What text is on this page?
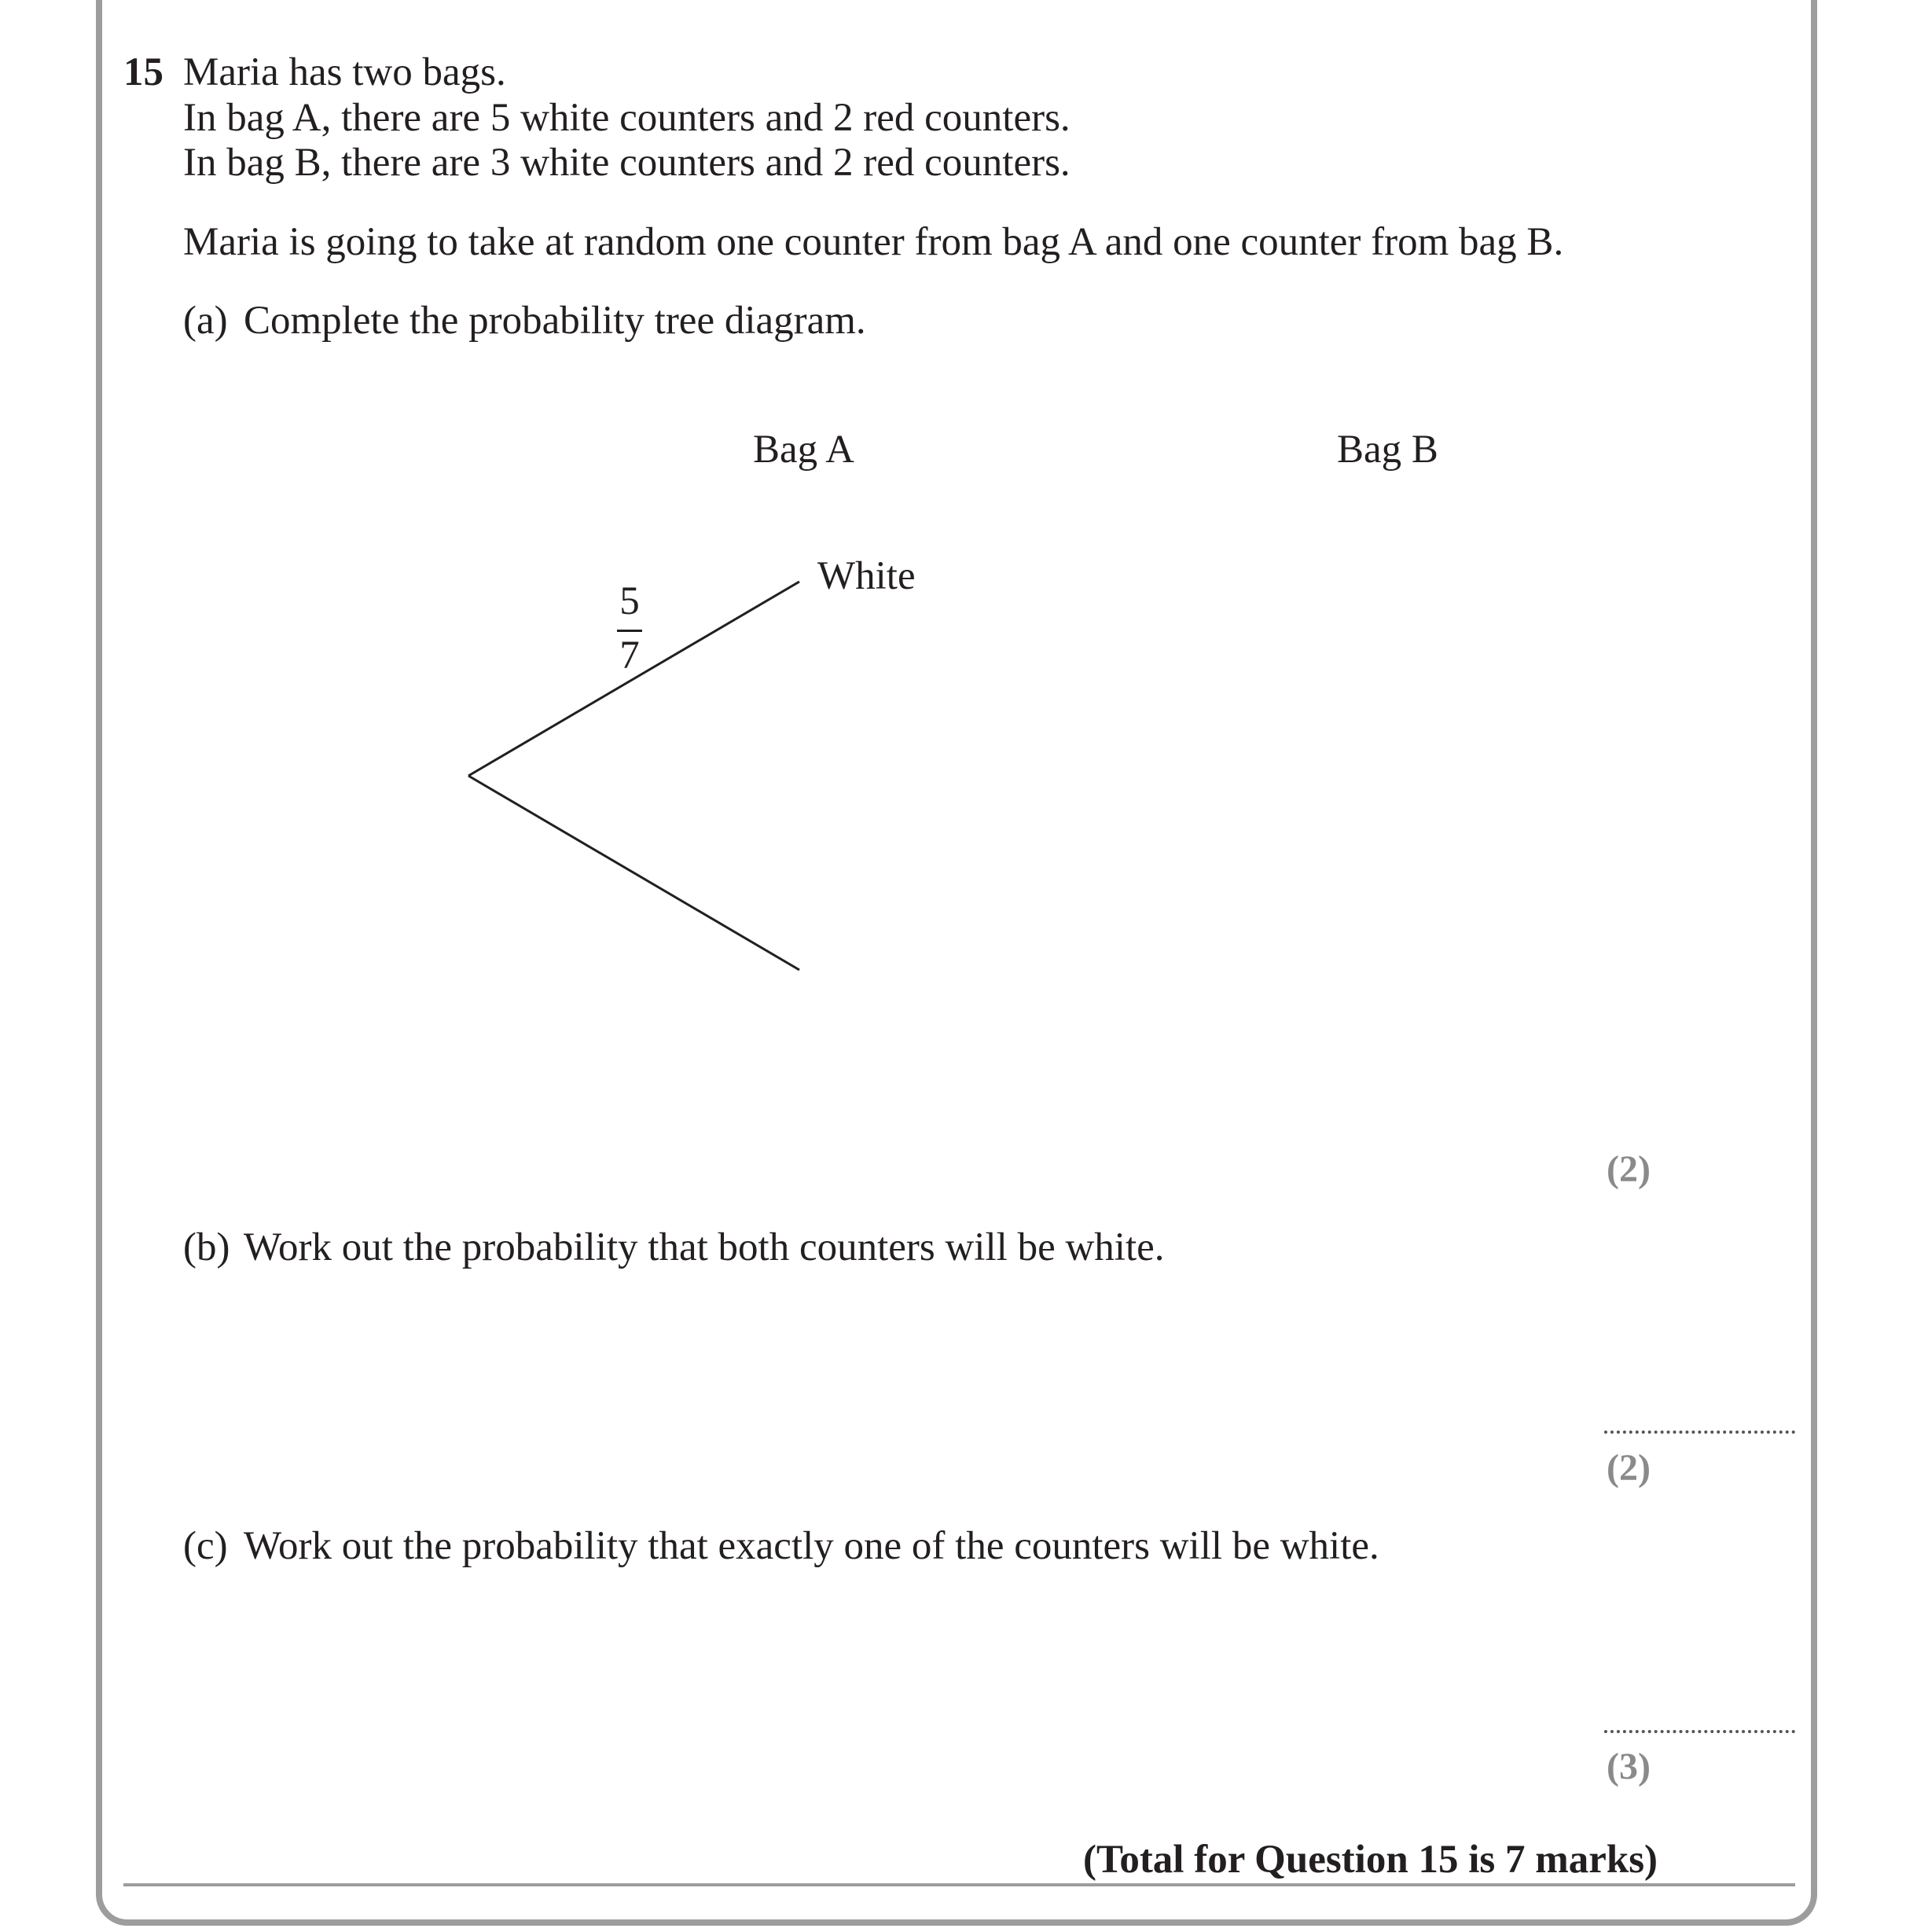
15 Maria has two bags.
In bag A, there are 5 white counters and 2 red counters.
In bag B, there are 3 white counters and 2 red counters.
Maria is going to take at random one counter from bag A and one counter from bag B.
(a) Complete the probability tree diagram.
Bag A	Bag B
White
5
7
(2)
(b) Work out the probability that both counters will be white.
(2)
(c) Work out the probability that exactly one of the counters will be white.
(3)
(Total for Question 15 is 7 marks)
